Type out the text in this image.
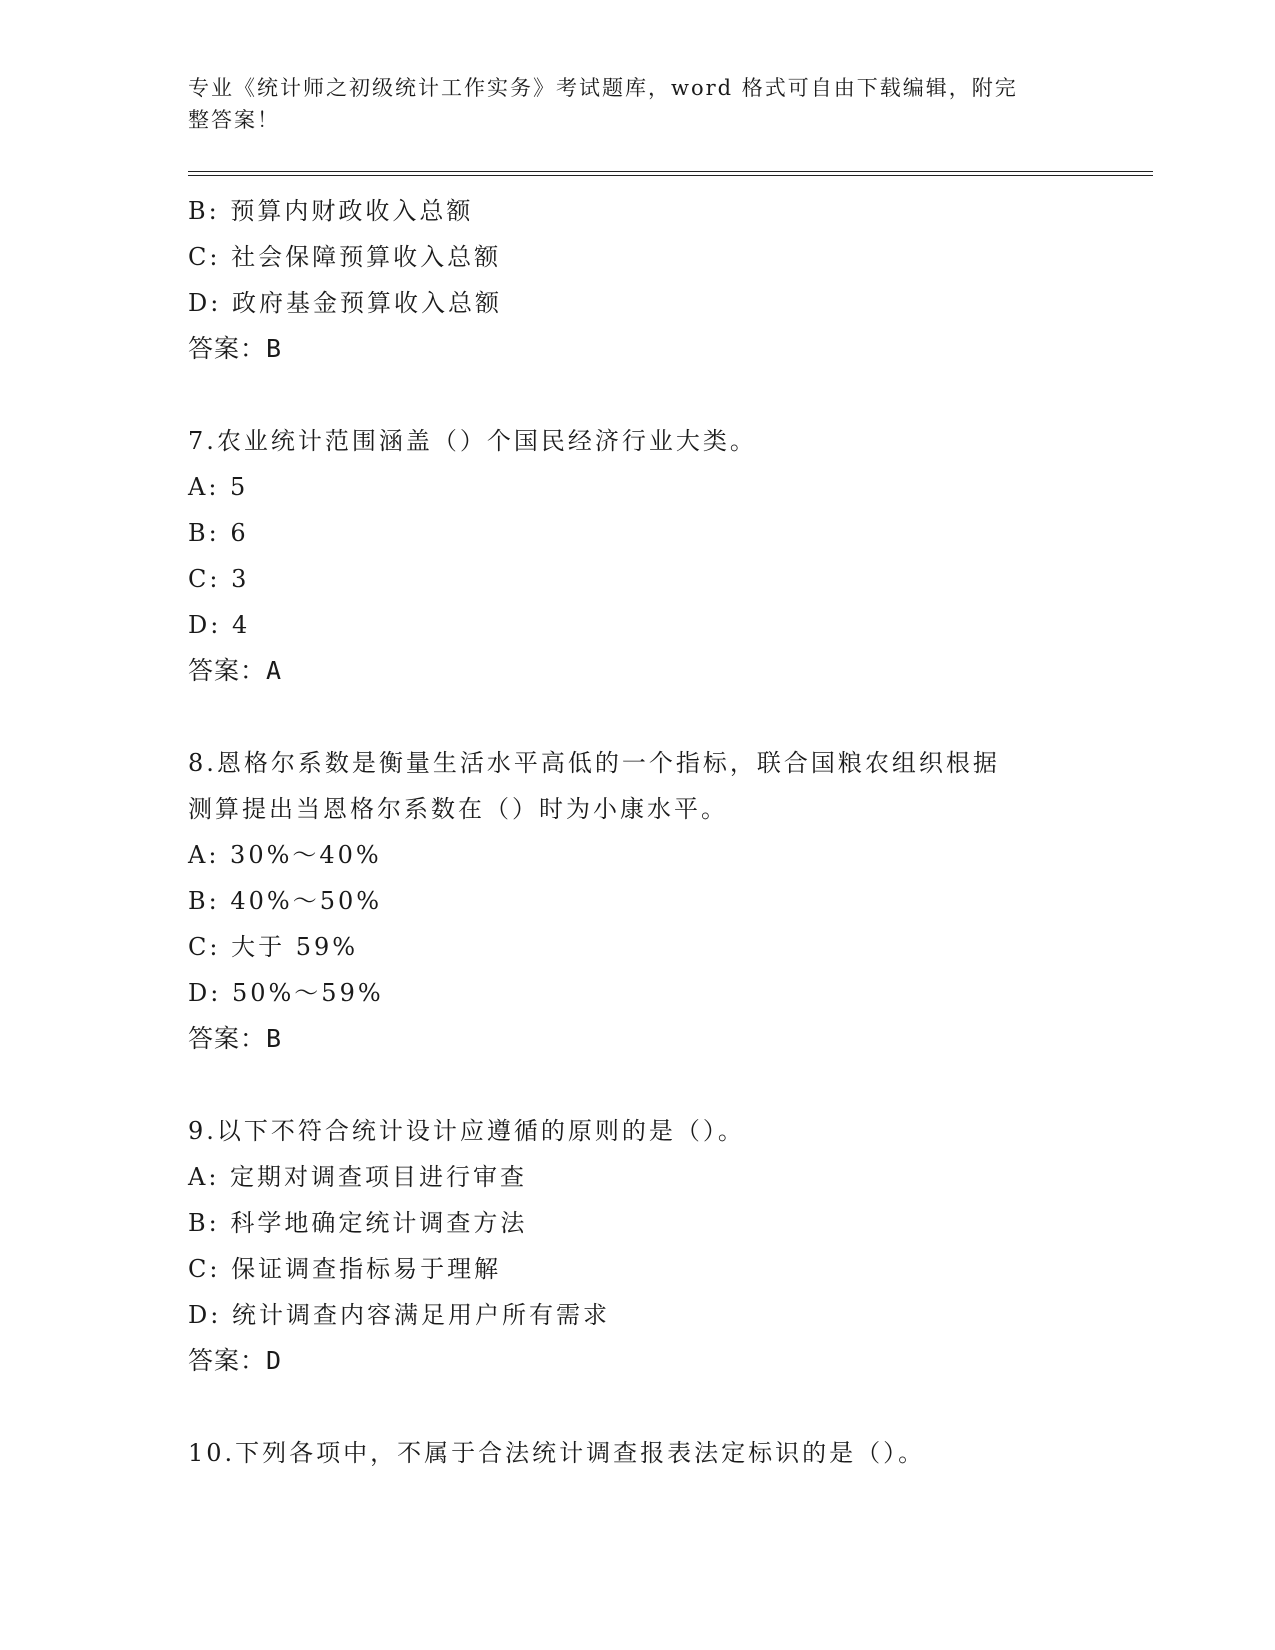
专业《统计师之初级统计工作实务》考试题库，word 格式可自由下载编辑，附完
整答案！
B: 预算内财政收入总额
C: 社会保障预算收入总额
D: 政府基金预算收入总额
答案：B
7.农业统计范围涵盖（）个国民经济行业大类。
A: 5
B: 6
C: 3
D: 4
答案：A
8.恩格尔系数是衡量生活水平高低的一个指标，联合国粮农组织根据
测算提出当恩格尔系数在（）时为小康水平。
A: 30%～40%
B: 40%～50%
C: 大于 59%
D: 50%～59%
答案：B
9.以下不符合统计设计应遵循的原则的是（）。
A: 定期对调查项目进行审查
B: 科学地确定统计调查方法
C: 保证调查指标易于理解
D: 统计调查内容满足用户所有需求
答案：D
10.下列各项中，不属于合法统计调查报表法定标识的是（）。
